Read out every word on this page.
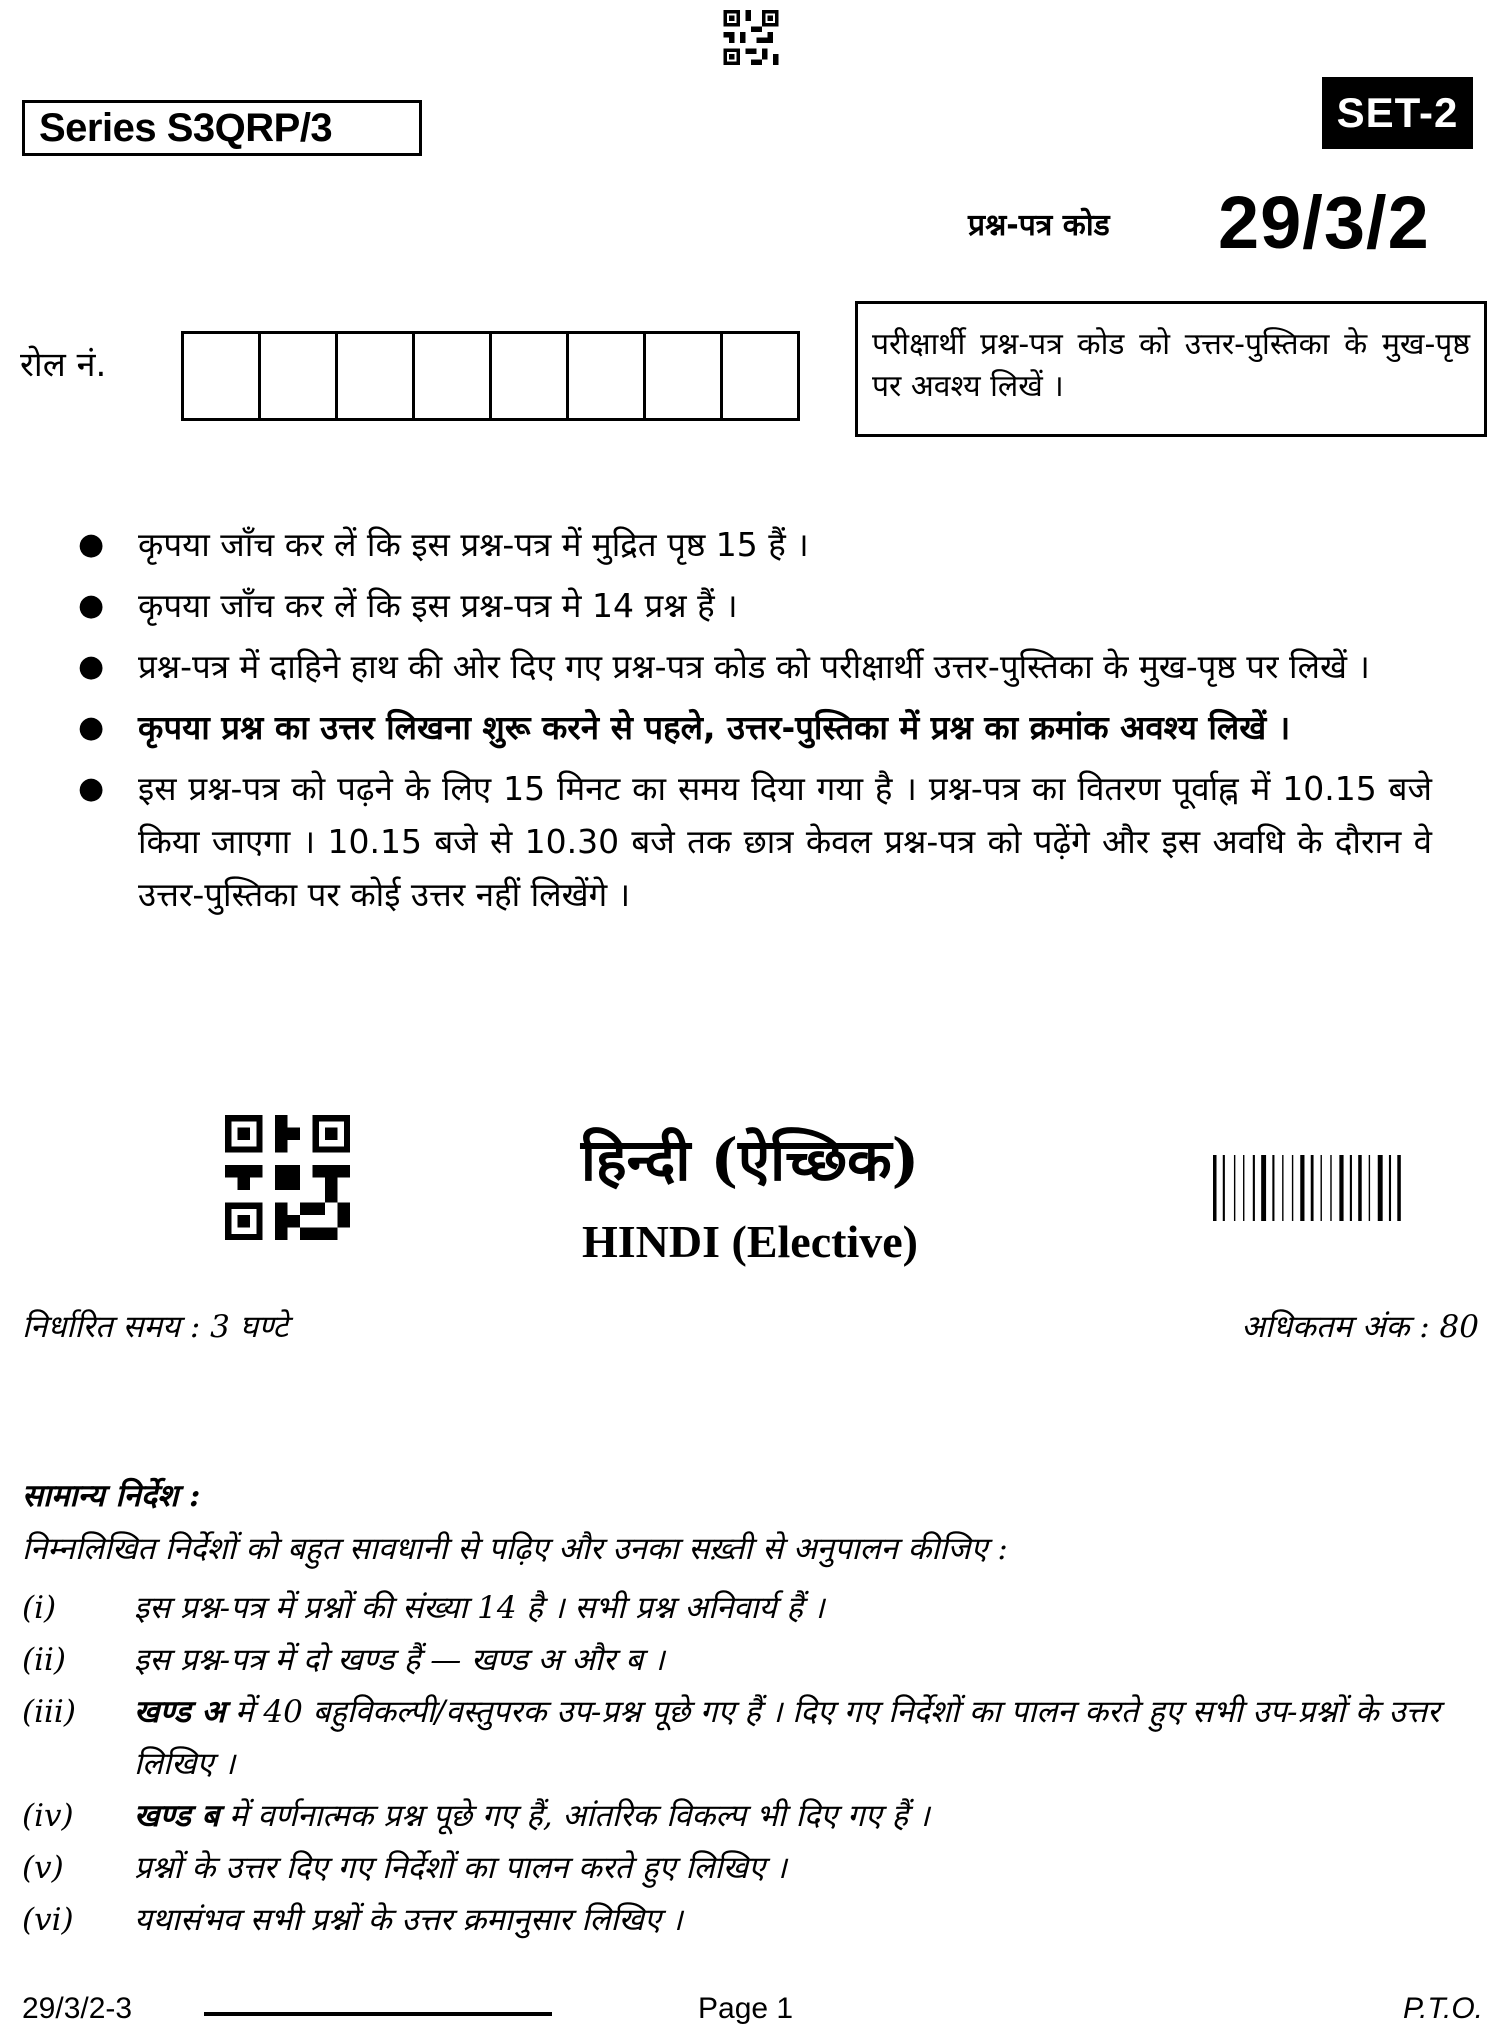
Series S3QRP/3	SET-2
प्रश्न-पत्र कोड 29/3/2
रोल नं.
परीक्षार्थी प्रश्न-पत्र कोड को उत्तर-पुस्तिका के मुख-पृष्ठ पर अवश्य लिखें ।
●	कृपया जाँच कर लें कि इस प्रश्न-पत्र में मुद्रित पृष्ठ 15 हैं ।
●	कृपया जाँच कर लें कि इस प्रश्न-पत्र मे 14 प्रश्न हैं ।
●	प्रश्न-पत्र में दाहिने हाथ की ओर दिए गए प्रश्न-पत्र कोड को परीक्षार्थी उत्तर-पुस्तिका के मुख-पृष्ठ पर लिखें ।
●	कृपया प्रश्न का उत्तर लिखना शुरू करने से पहले, उत्तर-पुस्तिका में प्रश्न का क्रमांक अवश्य लिखें ।
●	इस प्रश्न-पत्र को पढ़ने के लिए 15 मिनट का समय दिया गया है । प्रश्न-पत्र का वितरण पूर्वाह्न में 10.15 बजे किया जाएगा । 10.15 बजे से 10.30 बजे तक छात्र केवल प्रश्न-पत्र को पढ़ेंगे और इस अवधि के दौरान वे उत्तर-पुस्तिका पर कोई उत्तर नहीं लिखेंगे ।
हिन्दी (ऐच्छिक)
HINDI (Elective)
निर्धारित समय : 3 घण्टे	अधिकतम अंक : 80
सामान्य निर्देश :
निम्नलिखित निर्देशों को बहुत सावधानी से पढ़िए और उनका सख़्ती से अनुपालन कीजिए :
(i)	इस प्रश्न-पत्र में प्रश्नों की संख्या 14 है । सभी प्रश्न अनिवार्य हैं ।
(ii)	इस प्रश्न-पत्र में दो खण्ड हैं — खण्ड अ और ब ।
(iii)	खण्ड अ में 40 बहुविकल्पी/वस्तुपरक उप-प्रश्न पूछे गए हैं । दिए गए निर्देशों का पालन करते हुए सभी उप-प्रश्नों के उत्तर लिखिए ।
(iv)	खण्ड ब में वर्णनात्मक प्रश्न पूछे गए हैं, आंतरिक विकल्प भी दिए गए हैं ।
(v)	प्रश्नों के उत्तर दिए गए निर्देशों का पालन करते हुए लिखिए ।
(vi)	यथासंभव सभी प्रश्नों के उत्तर क्रमानुसार लिखिए ।
29/3/2-3	Page 1	P.T.O.
